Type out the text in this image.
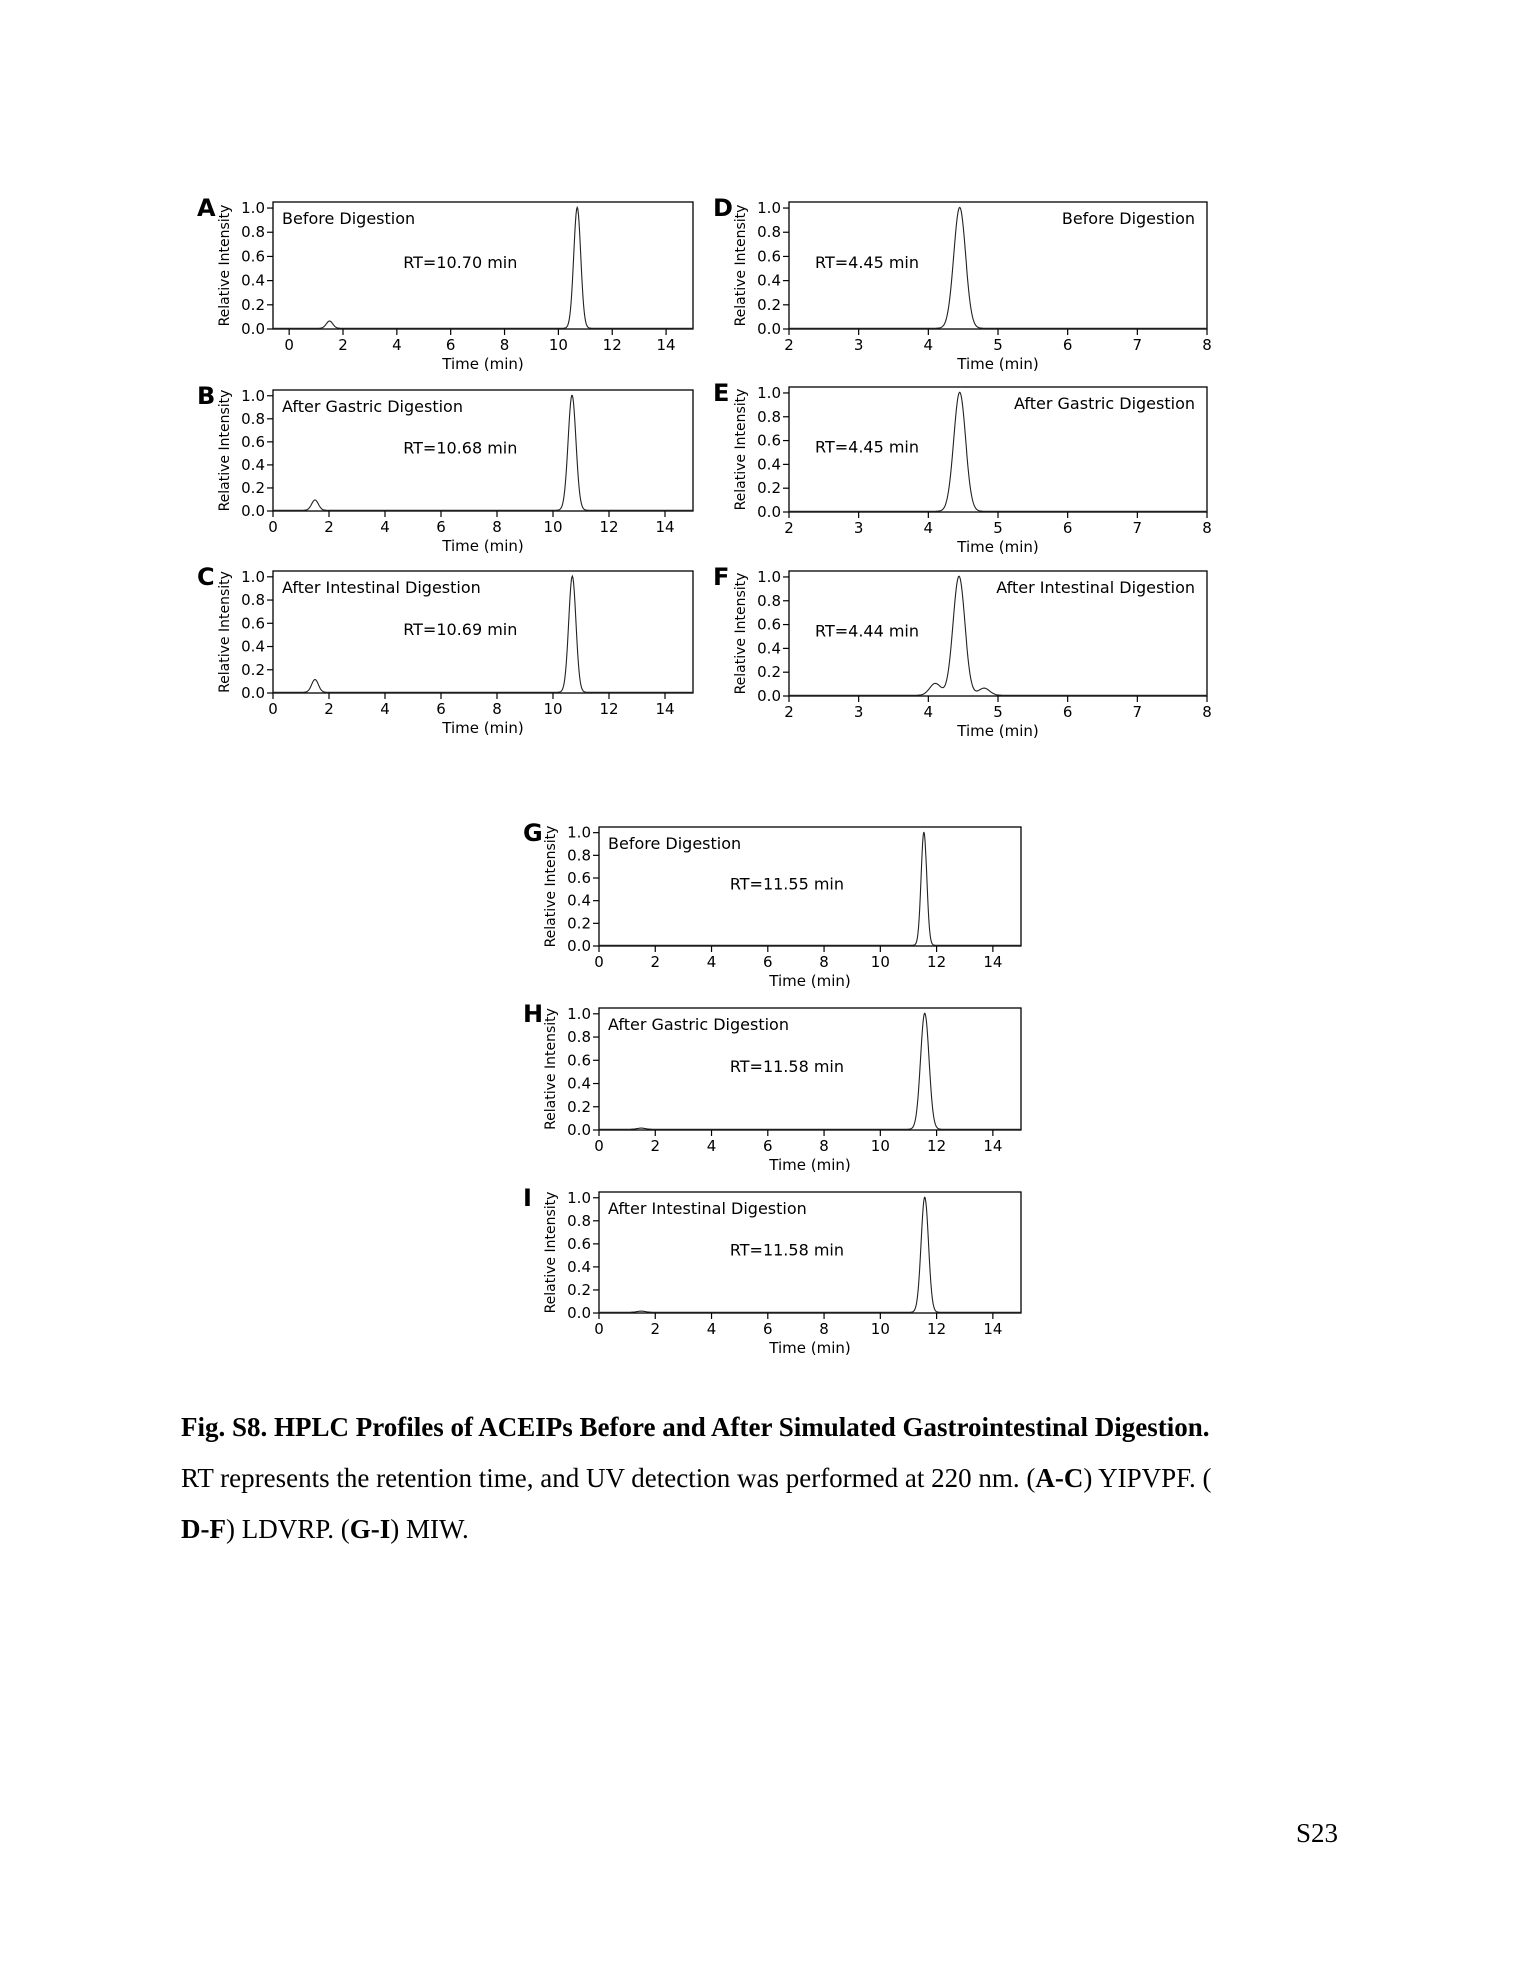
A
0.0
0.2
0.4
0.6
0.8
1.0
Relative Intensity
0	2	4	6	8	10 12 14
Time (min)
Before Digestion
RT=10.70 min
B
0.0
0.2
0.4
0.6
0.8
1.0
Relative Intensity
0	2	4	6	8	10 12 14
Time (min)
After Gastric Digestion
RT=10.68 min
C
0.0
0.2
0.4
0.6
0.8
1.0
Relative Intensity
0	2	4	6	8	10 12 14
Time (min)
After Intestinal Digestion
RT=10.69 min
D
0.0
0.2
0.4
0.6
0.8
1.0
Relative Intensity
2	3	4	5	6	7	8
Time (min)
Before Digestion
RT=4.45 min
E
0.0
0.2
0.4
0.6
0.8
1.0
Relative Intensity
2	3	4	5	6	7	8
Time (min)
After Gastric Digestion
RT=4.45 min
F
0.0
0.2
0.4
0.6
0.8
1.0
Relative Intensity
2	3	4	5	6	7	8
Time (min)
After Intestinal Digestion
RT=4.44 min
G
0.0
0.2
0.4
0.6
0.8
1.0
Relative Intensity
0	2	4	6	8	10 12 14
Time (min)
Before Digestion
RT=11.55 min
H
0.0
0.2
0.4
0.6
0.8
1.0
Relative Intensity
0	2	4	6	8	10 12 14
Time (min)
After Gastric Digestion
RT=11.58 min
I
0.0
0.2
0.4
0.6
0.8
1.0
Relative Intensity
0	2	4	6	8	10 12 14
Time (min)
After Intestinal Digestion
RT=11.58 min
Fig. S8. HPLC Profiles of ACEIPs Before and After Simulated Gastrointestinal Digestion.
RT represents the retention time, and UV detection was performed at 220 nm. (A-C) YIPVPF. (
D-F) LDVRP. (G-I) MIW.
S23
